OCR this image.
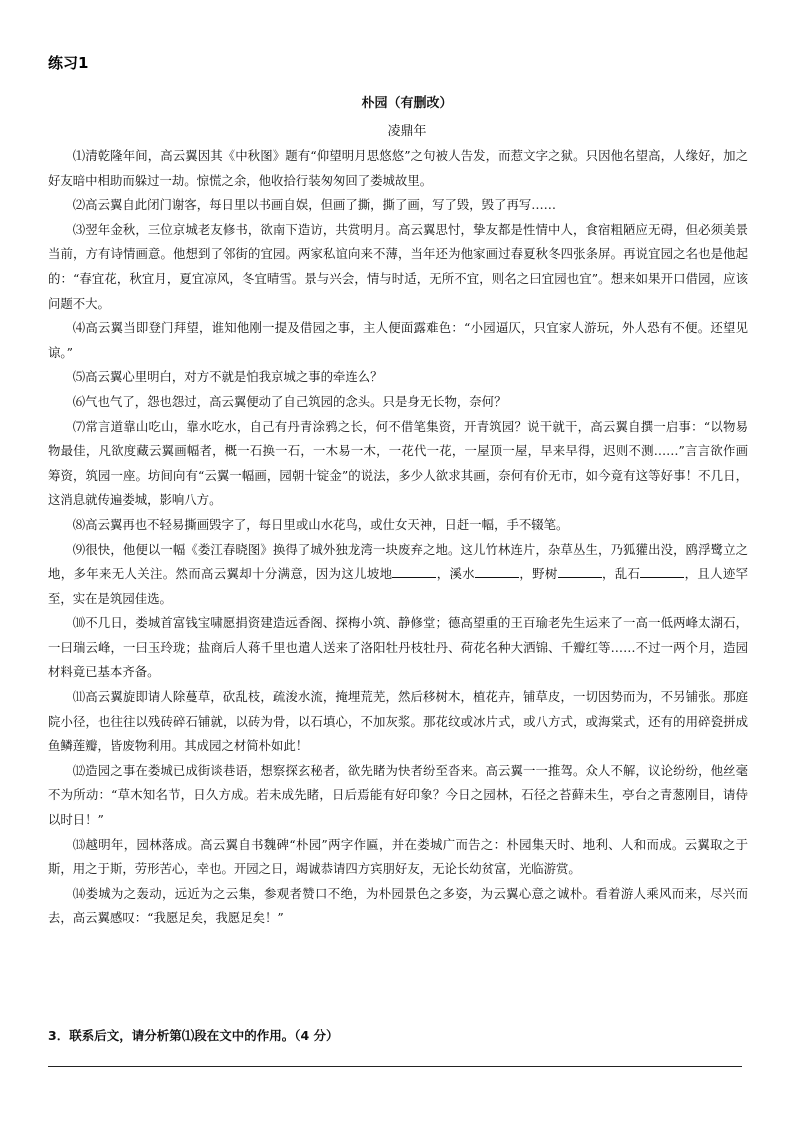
练习1
朴园（有删改）
凌鼎年

⑴清乾隆年间，高云翼因其《中秋图》题有“仰望明月思悠悠”之句被人告发，而惹文字之狱。只因他名望高，人缘好，加之好友暗中相助而躲过一劫。惊慌之余，他收拾行装匆匆回了娄城故里。

⑵高云翼自此闭门谢客，每日里以书画自娱，但画了撕，撕了画，写了毁，毁了再写……

⑶翌年金秋，三位京城老友修书，欲南下造访，共赏明月。高云翼思忖，挚友都是性情中人，食宿粗陋应无碍，但必须美景当前，方有诗情画意。他想到了邻街的宜园。两家私谊向来不薄，当年还为他家画过春夏秋冬四张条屏。再说宜园之名也是他起的：“春宜花，秋宜月，夏宜凉风，冬宜晴雪。景与兴会，情与时适，无所不宜，则名之曰宜园也宜”。想来如果开口借园，应该问题不大。

⑷高云翼当即登门拜望，谁知他刚一提及借园之事，主人便面露难色：“小园逼仄，只宜家人游玩，外人恐有不便。还望见谅。”

⑸高云翼心里明白，对方不就是怕我京城之事的牵连么？

⑹气也气了，怨也怨过，高云翼便动了自己筑园的念头。只是身无长物，奈何？

⑺常言道靠山吃山，靠水吃水，自己有丹青涂鸦之长，何不借笔集资，开青筑园？说干就干，高云翼自撰一启事：“以物易物最佳，凡欲度藏云翼画幅者，概一石换一石，一木易一木，一花代一花，一屋顶一屋，早来早得，迟则不测……”言言欲作画筹资，筑园一座。坊间向有“云翼一幅画，园朝十锭金”的说法，多少人欲求其画，奈何有价无市，如今竟有这等好事！不几日，这消息就传遍娄城，影响八方。

⑻高云翼再也不轻易撕画毁字了，每日里或山水花鸟，或仕女天神，日赶一幅，手不辍笔。

⑼很快，他便以一幅《娄江春晓图》换得了城外独龙湾一块废弃之地。这儿竹林连片，杂草丛生，乃狐獾出没，鸥浮鹭立之地，多年来无人关注。然而高云翼却十分满意，因为这儿坡地	，溪水	，野树	，乱石	，且人迹罕至，实在是筑园佳选。

⑽不几日，娄城首富钱宝啸愿捐资建造远香阁、探梅小筑、静修堂；德高望重的王百瑜老先生运来了一高一低两峰太湖石，一曰瑞云峰，一曰玉玲珑；盐商后人蒋千里也遣人送来了洛阳牡丹枝牡丹、荷花名种大洒锦、千瓣红等……不过一两个月，造园材料竟已基本齐备。

⑾高云翼旋即请人除蔓草，砍乱枝，疏浚水流，掩埋荒芜，然后移树木，植花卉，铺草皮，一切因势而为，不另铺张。那庭院小径，也往往以残砖碎石铺就，以砖为骨，以石填心，不加灰浆。那花纹或冰片式，或八方式，或海棠式，还有的用碎瓷拼成鱼鳞莲瓣，皆废物利用。其成园之材简朴如此！

⑿造园之事在娄城已成街谈巷语，想察探玄秘者，欲先睹为快者纷至沓来。高云翼一一推驾。众人不解，议论纷纷，他丝毫不为所动：“草木知名节，日久方成。若未成先睹，日后焉能有好印象？今日之园林，石径之苔藓未生，亭台之青葱刚目，请侍以时日！”

⒀越明年，园林落成。高云翼自书魏碑“朴园”两字作匾，并在娄城广而告之：朴园集天时、地利、人和而成。云翼取之于斯，用之于斯，劳形苦心，幸也。开园之日，竭诚恭请四方宾朋好友，无论长幼贫富，光临游赏。

⒁娄城为之轰动，远近为之云集，参观者赞口不绝，为朴园景色之多姿，为云翼心意之诚朴。看着游人乘风而来，尽兴而去，高云翼感叹：“我愿足矣，我愿足矣！”

3．联系后文，请分析第⑴段在文中的作用。（4 分）
